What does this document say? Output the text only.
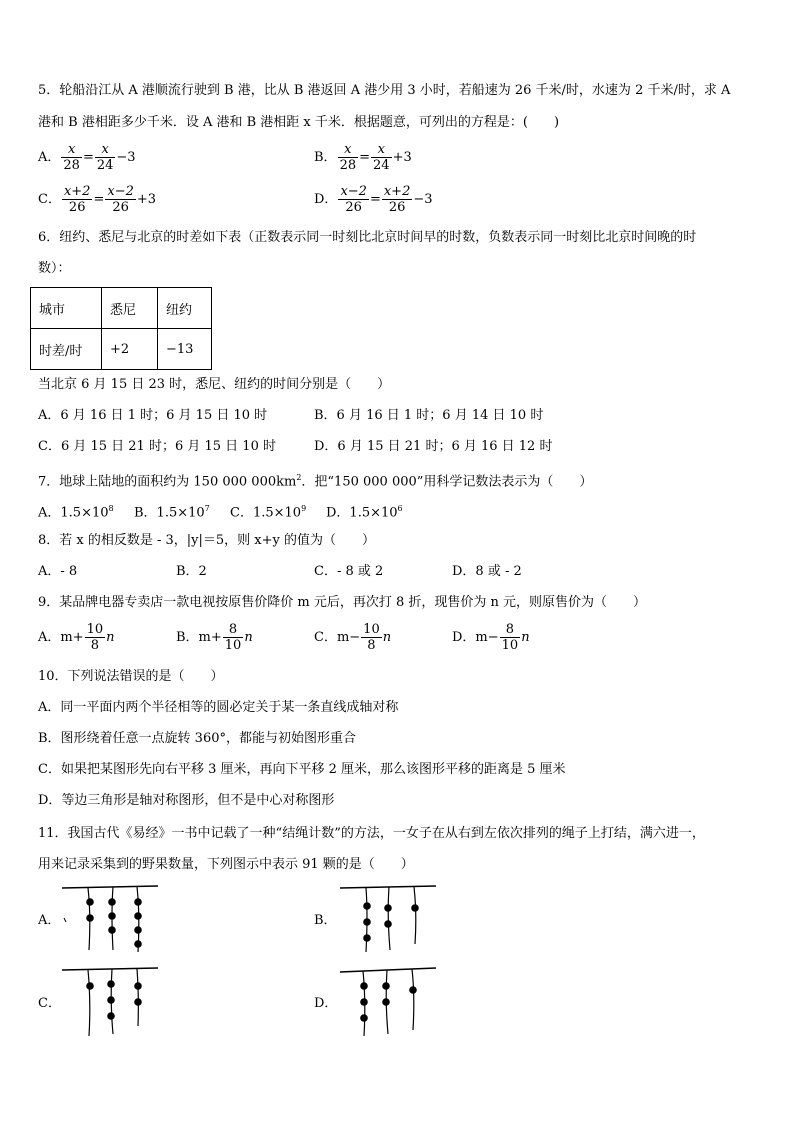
5．轮船沿江从 A 港顺流行驶到 B 港，比从 B 港返回 A 港少用 3 小时，若船速为 26 千米/时，水速为 2 千米/时，求 A
港和 B 港相距多少千米．设 A 港和 B 港相距 x 千米．根据题意，可列出的方程是：(　　)
A． $\frac{x}{28} = \frac{x}{24} -3$	B． $\frac{x}{28} = \frac{x}{24} +3$
C． $\frac{x+2}{26} = \frac{x-2}{26} +3$	D． $\frac{x-2}{26} = \frac{x+2}{26} -3$
6．纽约、悉尼与北京的时差如下表（正数表示同一时刻比北京时间早的时数，负数表示同一时刻比北京时间晚的时
数）：
城市	悉尼	纽约
时差/时	+2	−13
当北京 6 月 15 日 23 时，悉尼、纽约的时间分别是（　　）
A．6 月 16 日 1 时；6 月 15 日 10 时	B．6 月 16 日 1 时；6 月 14 日 10 时
C．6 月 15 日 21 时；6 月 15 日 10 时	D．6 月 15 日 21 时；6 月 16 日 12 时
7．地球上陆地的面积约为 150 000 $000km^2$．把“150 000 000”用科学记数法表示为（　　）
A．$1.5\times 10^8$ B．$1.5\times 10^7$ C．$1.5\times 10^9$ D．$1.5\times 10^6$
8．若 x 的相反数是 - 3，|y|＝5，则 x+y 的值为（　　）
A．- 8	B．2	C．- 8 或 2	D．8 或 - 2
9．某品牌电器专卖店一款电视按原售价降价 m 元后，再次打 8 折，现售价为 n 元，则原售价为（　　）
A．$m+ \frac{10}{8}$ n	B．$m+ \frac{8}{10}$ n	C．$m- \frac{10}{8}$ n	D．$m- \frac{8}{10}$ n
10．下列说法错误的是（　　）
A．同一平面内两个半径相等的圆必定关于某一条直线成轴对称
B．图形绕着任意一点旋转 360°，都能与初始图形重合
C．如果把某图形先向右平移 3 厘米，再向下平移 2 厘米，那么该图形平移的距离是 5 厘米
D．等边三角形是轴对称图形，但不是中心对称图形
11．我国古代《易经》一书中记载了一种“结绳计数”的方法，一女子在从右到左依次排列的绳子上打结，满六进一，
用来记录采集到的野果数量，下列图示中表示 91 颗的是（　　）
A．	B．
C．	D．
